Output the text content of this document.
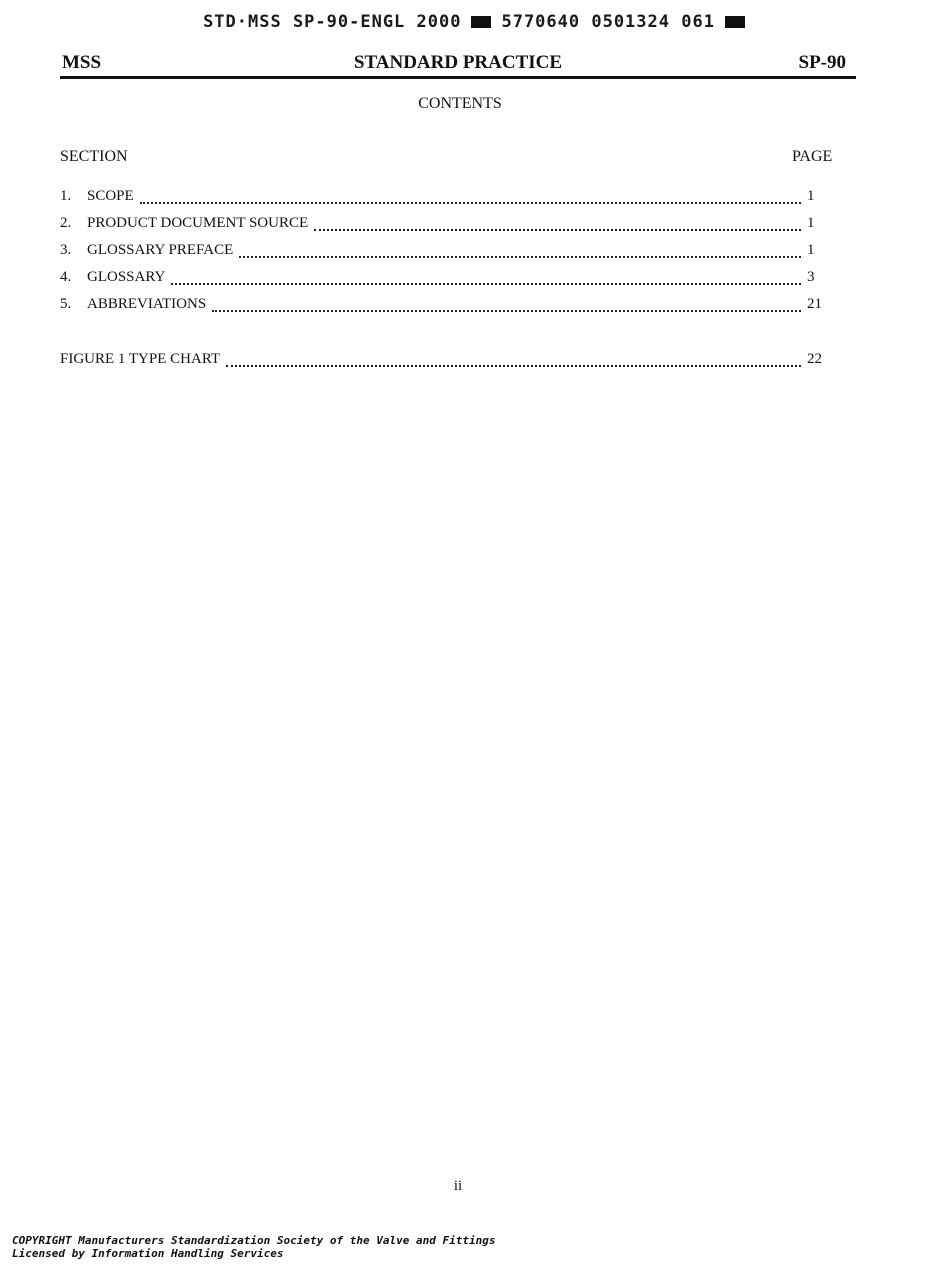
STD·MSS SP-90-ENGL 2000 5770640 0501324 061
MSS	STANDARD PRACTICE	SP-90
CONTENTS
SECTION	PAGE
1.	SCOPE	1
2.	PRODUCT DOCUMENT SOURCE	1
3.	GLOSSARY PREFACE	1
4.	GLOSSARY	3
5.	ABBREVIATIONS	21
FIGURE 1 TYPE CHART	22
ii
COPYRIGHT Manufacturers Standardization Society of the Valve and Fittings
Licensed by Information Handling Services
